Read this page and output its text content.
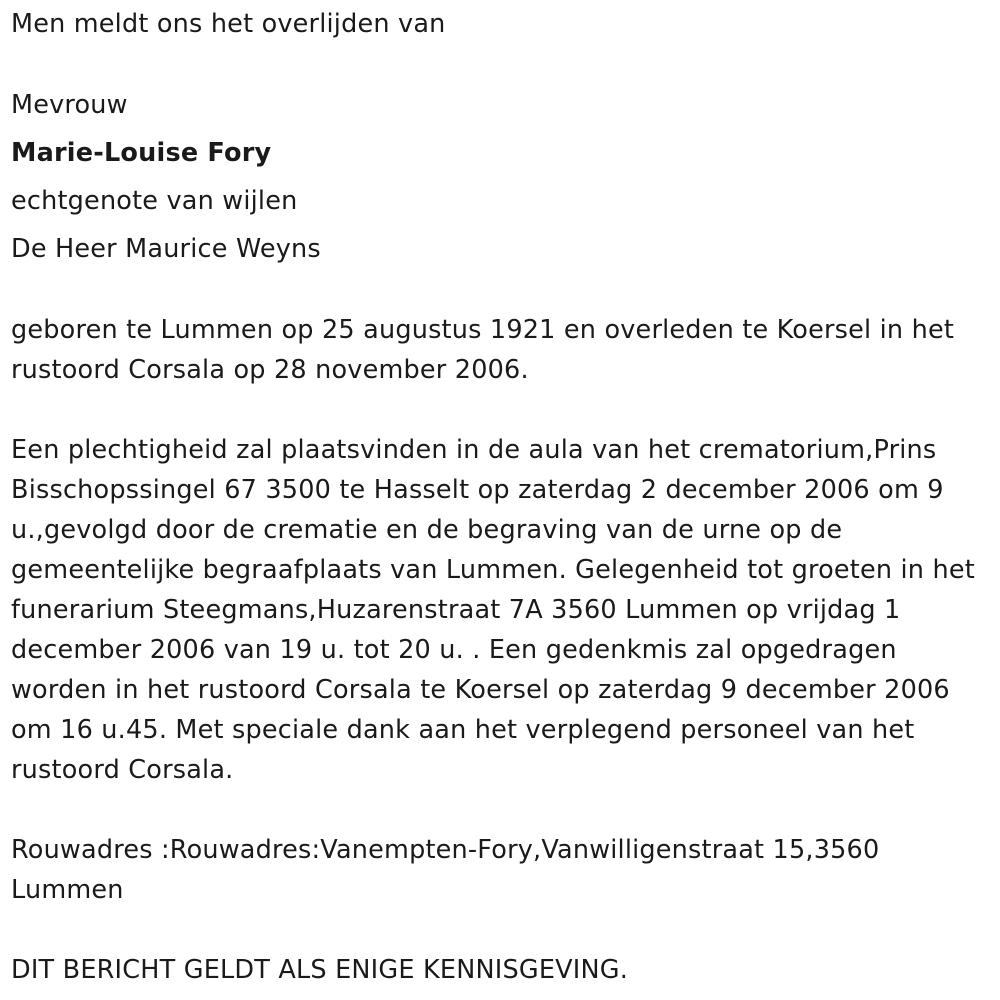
Men meldt ons het overlijden van

Mevrouw

Marie-Louise Fory

echtgenote van wijlen

De Heer Maurice Weyns

geboren te Lummen op 25 augustus 1921 en overleden te Koersel in het rustoord Corsala op 28 november 2006.

Een plechtigheid zal plaatsvinden in de aula van het crematorium,Prins Bisschopssingel 67 3500 te Hasselt op zaterdag 2 december 2006 om 9 u.,gevolgd door de crematie en de begraving van de urne op de gemeentelijke begraafplaats van Lummen. Gelegenheid tot groeten in het funerarium Steegmans,Huzarenstraat 7A 3560 Lummen op vrijdag 1 december 2006 van 19 u. tot 20 u. . Een gedenkmis zal opgedragen worden in het rustoord Corsala te Koersel op zaterdag 9 december 2006 om 16 u.45. Met speciale dank aan het verplegend personeel van het rustoord Corsala.

Rouwadres :Rouwadres:Vanempten-Fory,Vanwilligenstraat 15,3560 Lummen

DIT BERICHT GELDT ALS ENIGE KENNISGEVING.
